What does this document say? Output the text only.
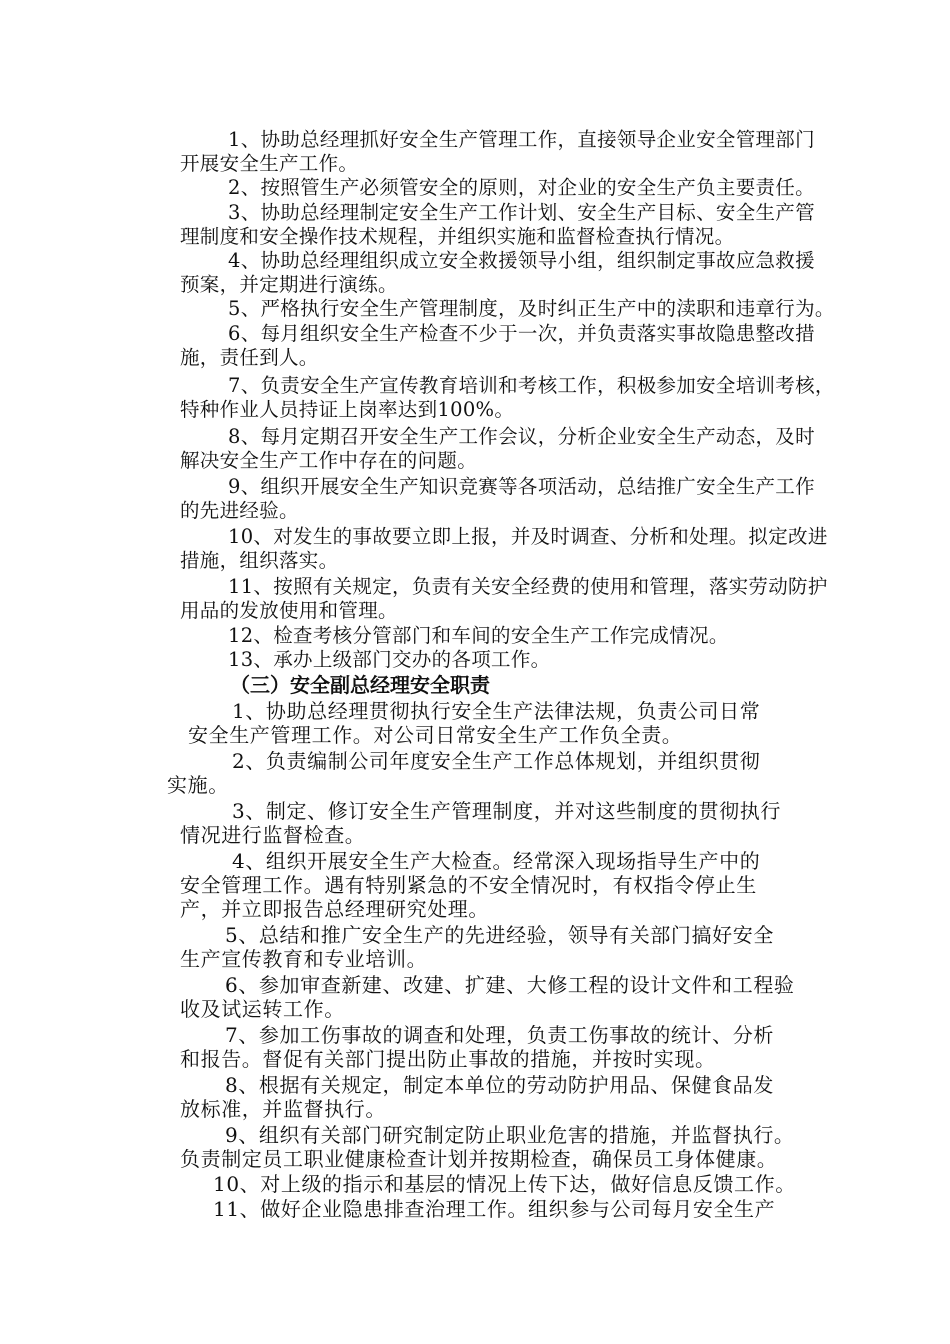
1、协助总经理抓好安全生产管理工作，直接领导企业安全管理部门
开展安全生产工作。
2、按照管生产必须管安全的原则，对企业的安全生产负主要责任。
3、协助总经理制定安全生产工作计划、安全生产目标、安全生产管
理制度和安全操作技术规程，并组织实施和监督检查执行情况。
4、协助总经理组织成立安全救援领导小组，组织制定事故应急救援
预案，并定期进行演练。
5、严格执行安全生产管理制度，及时纠正生产中的渎职和违章行为。
6、每月组织安全生产检查不少于一次，并负责落实事故隐患整改措
施，责任到人。
7、负责安全生产宣传教育培训和考核工作，积极参加安全培训考核，
特种作业人员持证上岗率达到100%。
8、每月定期召开安全生产工作会议，分析企业安全生产动态，及时
解决安全生产工作中存在的问题。
9、组织开展安全生产知识竞赛等各项活动，总结推广安全生产工作
的先进经验。
10、对发生的事故要立即上报，并及时调查、分析和处理。拟定改进
措施，组织落实。
11、按照有关规定，负责有关安全经费的使用和管理，落实劳动防护
用品的发放使用和管理。
12、检查考核分管部门和车间的安全生产工作完成情况。
13、承办上级部门交办的各项工作。
（三）安全副总经理安全职责
1、协助总经理贯彻执行安全生产法律法规，负责公司日常
安全生产管理工作。对公司日常安全生产工作负全责。
2、负责编制公司年度安全生产工作总体规划，并组织贯彻
实施。
3、制定、修订安全生产管理制度，并对这些制度的贯彻执行
情况进行监督检查。
4、组织开展安全生产大检查。经常深入现场指导生产中的
安全管理工作。遇有特别紧急的不安全情况时，有权指令停止生
产，并立即报告总经理研究处理。
5、总结和推广安全生产的先进经验，领导有关部门搞好安全
生产宣传教育和专业培训。
6、参加审查新建、改建、扩建、大修工程的设计文件和工程验
收及试运转工作。
7、参加工伤事故的调查和处理，负责工伤事故的统计、分析
和报告。督促有关部门提出防止事故的措施，并按时实现。
8、根据有关规定，制定本单位的劳动防护用品、保健食品发
放标准，并监督执行。
9、组织有关部门研究制定防止职业危害的措施，并监督执行。
负责制定员工职业健康检查计划并按期检查，确保员工身体健康。
10、对上级的指示和基层的情况上传下达，做好信息反馈工作。
11、做好企业隐患排查治理工作。组织参与公司每月安全生产
